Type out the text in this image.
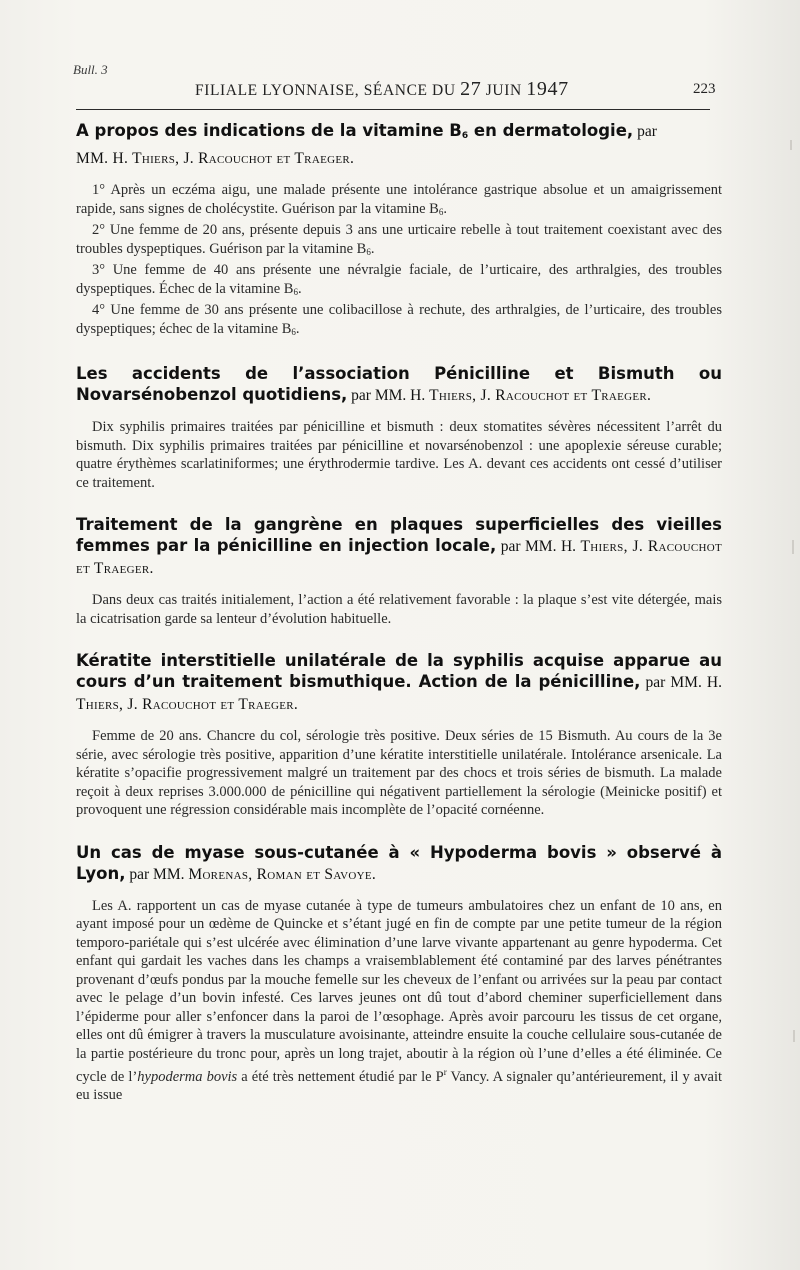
Bull. 3
FILIALE LYONNAISE, SÉANCE DU 27 JUIN 1947	223

A propos des indications de la vitamine $B_6$ en dermatologie, par

MM. H. Thiers, J. Racouchot et Traeger.

1° Après un eczéma aigu, une malade présente une intolérance gastrique absolue et un amaigrissement rapide, sans signes de cholécystite. Guérison par la vitamine $B_6$.

2° Une femme de 20 ans, présente depuis 3 ans une urticaire rebelle à tout traitement coexistant avec des troubles dyspeptiques. Guérison par la vitamine $B_6$.

3° Une femme de 40 ans présente une névralgie faciale, de l’urticaire, des arthralgies, des troubles dyspeptiques. Échec de la vitamine $B_6$.

4° Une femme de 30 ans présente une colibacillose à rechute, des arthralgies, de l’urticaire, des troubles dyspeptiques; échec de la vitamine $B_6$.

Les accidents de l’association Pénicilline et Bismuth ou Novarsénobenzol quotidiens, par MM. H. Thiers, J. Racouchot et Traeger.

Dix syphilis primaires traitées par pénicilline et bismuth : deux stomatites sévères nécessitent l’arrêt du bismuth. Dix syphilis primaires traitées par pénicilline et novarsénobenzol : une apoplexie séreuse curable; quatre érythèmes scarlatiniformes; une érythrodermie tardive. Les A. devant ces accidents ont cessé d’utiliser ce traitement.

Traitement de la gangrène en plaques superficielles des vieilles femmes par la pénicilline en injection locale, par MM. H. Thiers, J. Racouchot et Traeger.

Dans deux cas traités initialement, l’action a été relativement favorable : la plaque s’est vite détergée, mais la cicatrisation garde sa lenteur d’évolution habituelle.

Kératite interstitielle unilatérale de la syphilis acquise apparue au cours d’un traitement bismuthique. Action de la pénicilline, par MM. H. Thiers, J. Racouchot et Traeger.

Femme de 20 ans. Chancre du col, sérologie très positive. Deux séries de 15 Bismuth. Au cours de la 3e série, avec sérologie très positive, apparition d’une kératite interstitielle unilatérale. Intolérance arsenicale. La kératite s’opacifie progressivement malgré un traitement par des chocs et trois séries de bismuth. La malade reçoit à deux reprises 3.000.000 de pénicilline qui négativent partiellement la sérologie (Meinicke positif) et provoquent une régression considérable mais incomplète de l’opacité cornéenne.

Un cas de myase sous-cutanée à « Hypoderma bovis » observé à Lyon, par MM. Morenas, Roman et Savoye.

Les A. rapportent un cas de myase cutanée à type de tumeurs ambulatoires chez un enfant de 10 ans, en ayant imposé pour un œdème de Quincke et s’étant jugé en fin de compte par une petite tumeur de la région temporo-pariétale qui s’est ulcérée avec élimination d’une larve vivante appartenant au genre hypoderma. Cet enfant qui gardait les vaches dans les champs a vraisemblablement été contaminé par des larves pénétrantes provenant d’œufs pondus par la mouche femelle sur les cheveux de l’enfant ou arrivées sur la peau par contact avec le pelage d’un bovin infesté. Ces larves jeunes ont dû tout d’abord cheminer superficiellement dans l’épiderme pour aller s’enfoncer dans la paroi de l’œsophage. Après avoir parcouru les tissus de cet organe, elles ont dû émigrer à travers la musculature avoisinante, atteindre ensuite la couche cellulaire sous-cutanée de la partie postérieure du tronc pour, après un long trajet, aboutir à la région où l’une d’elles a été éliminée. Ce cycle de l’hypoderma bovis a été très nettement étudié par le $P^r$ Vancy. A signaler qu’antérieurement, il y avait eu issue
